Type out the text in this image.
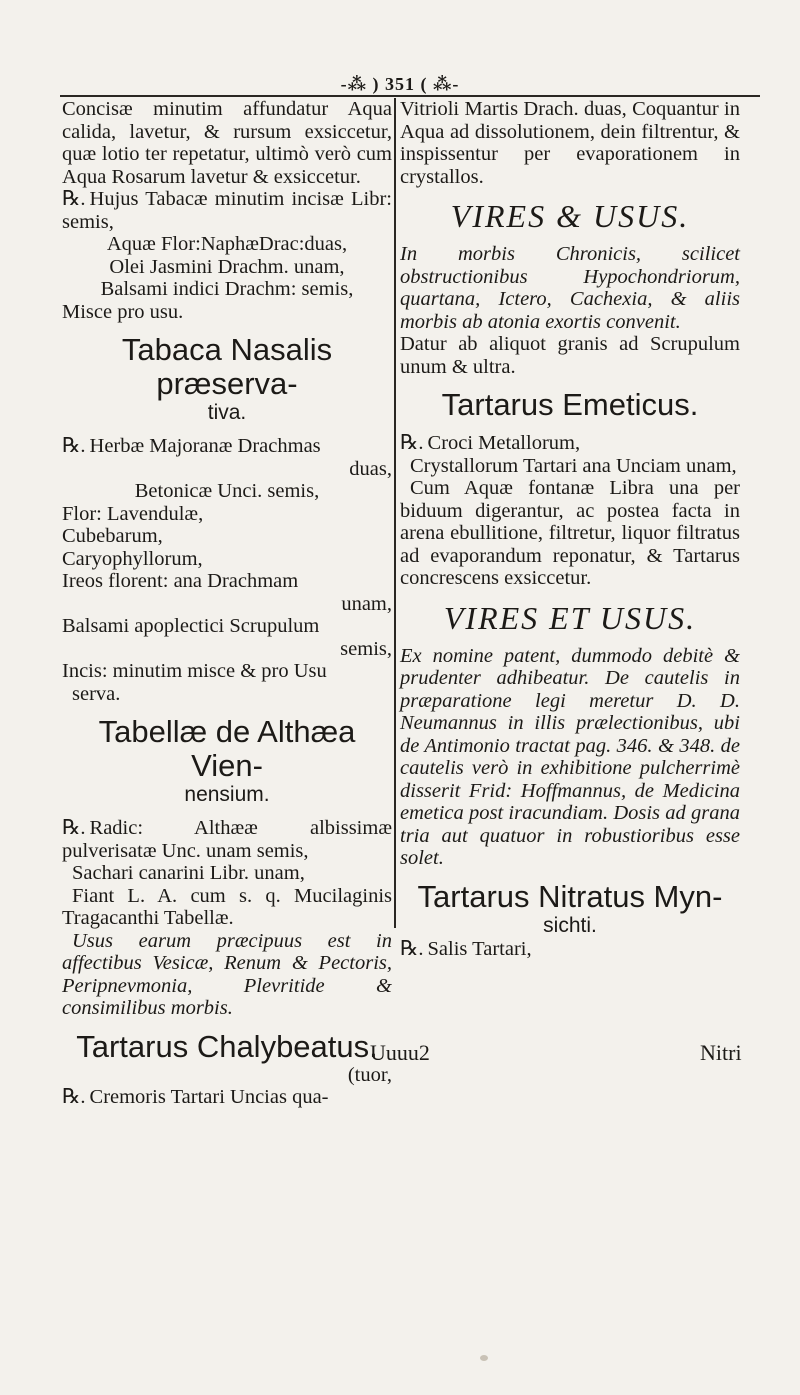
-⁂ ) 351 ( ⁂-

Concisæ minutim affundatur Aqua calida, lavetur, & rursum exsiccetur, quæ lotio ter repetatur, ultimò verò cum Aqua Rosarum lavetur & exsiccetur.

℞. Hujus Tabacæ minutim incisæ Libr: semis,

Aquæ Flor:NaphæDrac:duas,

Olei Jasmini Drachm. unam,

Balsami indici Drachm: semis,

Misce pro usu.

Tabaca Nasalis præserva-
tiva.

℞. Herbæ Majoranæ Drachmas

duas,

Betonicæ Unci. semis,

Flor: Lavendulæ,

Cubebarum,

Caryophyllorum,

Ireos florent: ana Drachmam

unam,

Balsami apoplectici Scrupulum

semis,

Incis: minutim misce & pro Usu

serva.

Tabellæ de Althæa Vien-
nensium.

℞. Radic: Althææ albissimæ pulverisatæ Unc. unam semis,

Sachari canarini Libr. unam,

Fiant L. A. cum s. q. Mucilaginis Tragacanthi Tabellæ.

Usus earum præcipuus est in affectibus Vesicæ, Renum & Pectoris, Peripnevmonia, Plevritide & consimilibus morbis.

Tartarus Chalybeatus.

(tuor,

℞. Cremoris Tartari Uncias qua-

Vitrioli Martis Drach. duas, Coquantur in Aqua ad dissolutionem, dein filtrentur, & inspissentur per evaporationem in crystallos.

VIRES & USUS.

In morbis Chronicis, scilicet obstructionibus Hypochondriorum, quartana, Ictero, Cachexia, & aliis morbis ab atonia exortis convenit.

Datur ab aliquot granis ad Scrupulum unum & ultra.

Tartarus Emeticus.

℞. Croci Metallorum,

Crystallorum Tartari ana Unciam unam,

Cum Aquæ fontanæ Libra una per biduum digerantur, ac postea facta in arena ebullitione, filtretur, liquor filtratus ad evaporandum reponatur, & Tartarus concrescens exsiccetur.

VIRES ET USUS.

Ex nomine patent, dummodo debitè & prudenter adhibeatur. De cautelis in præparatione legi meretur D. D. Neumannus in illis prælectionibus, ubi de Antimonio tractat pag. 346. & 348. de cautelis verò in exhibitione pulcherrimè disserit Frid: Hoffmannus, de Medicina emetica post iracundiam. Dosis ad grana tria aut quatuor in robustioribus esse solet.

Tartarus Nitratus Myn-
sichti.

℞. Salis Tartari,

Uuuu2	Nitri
